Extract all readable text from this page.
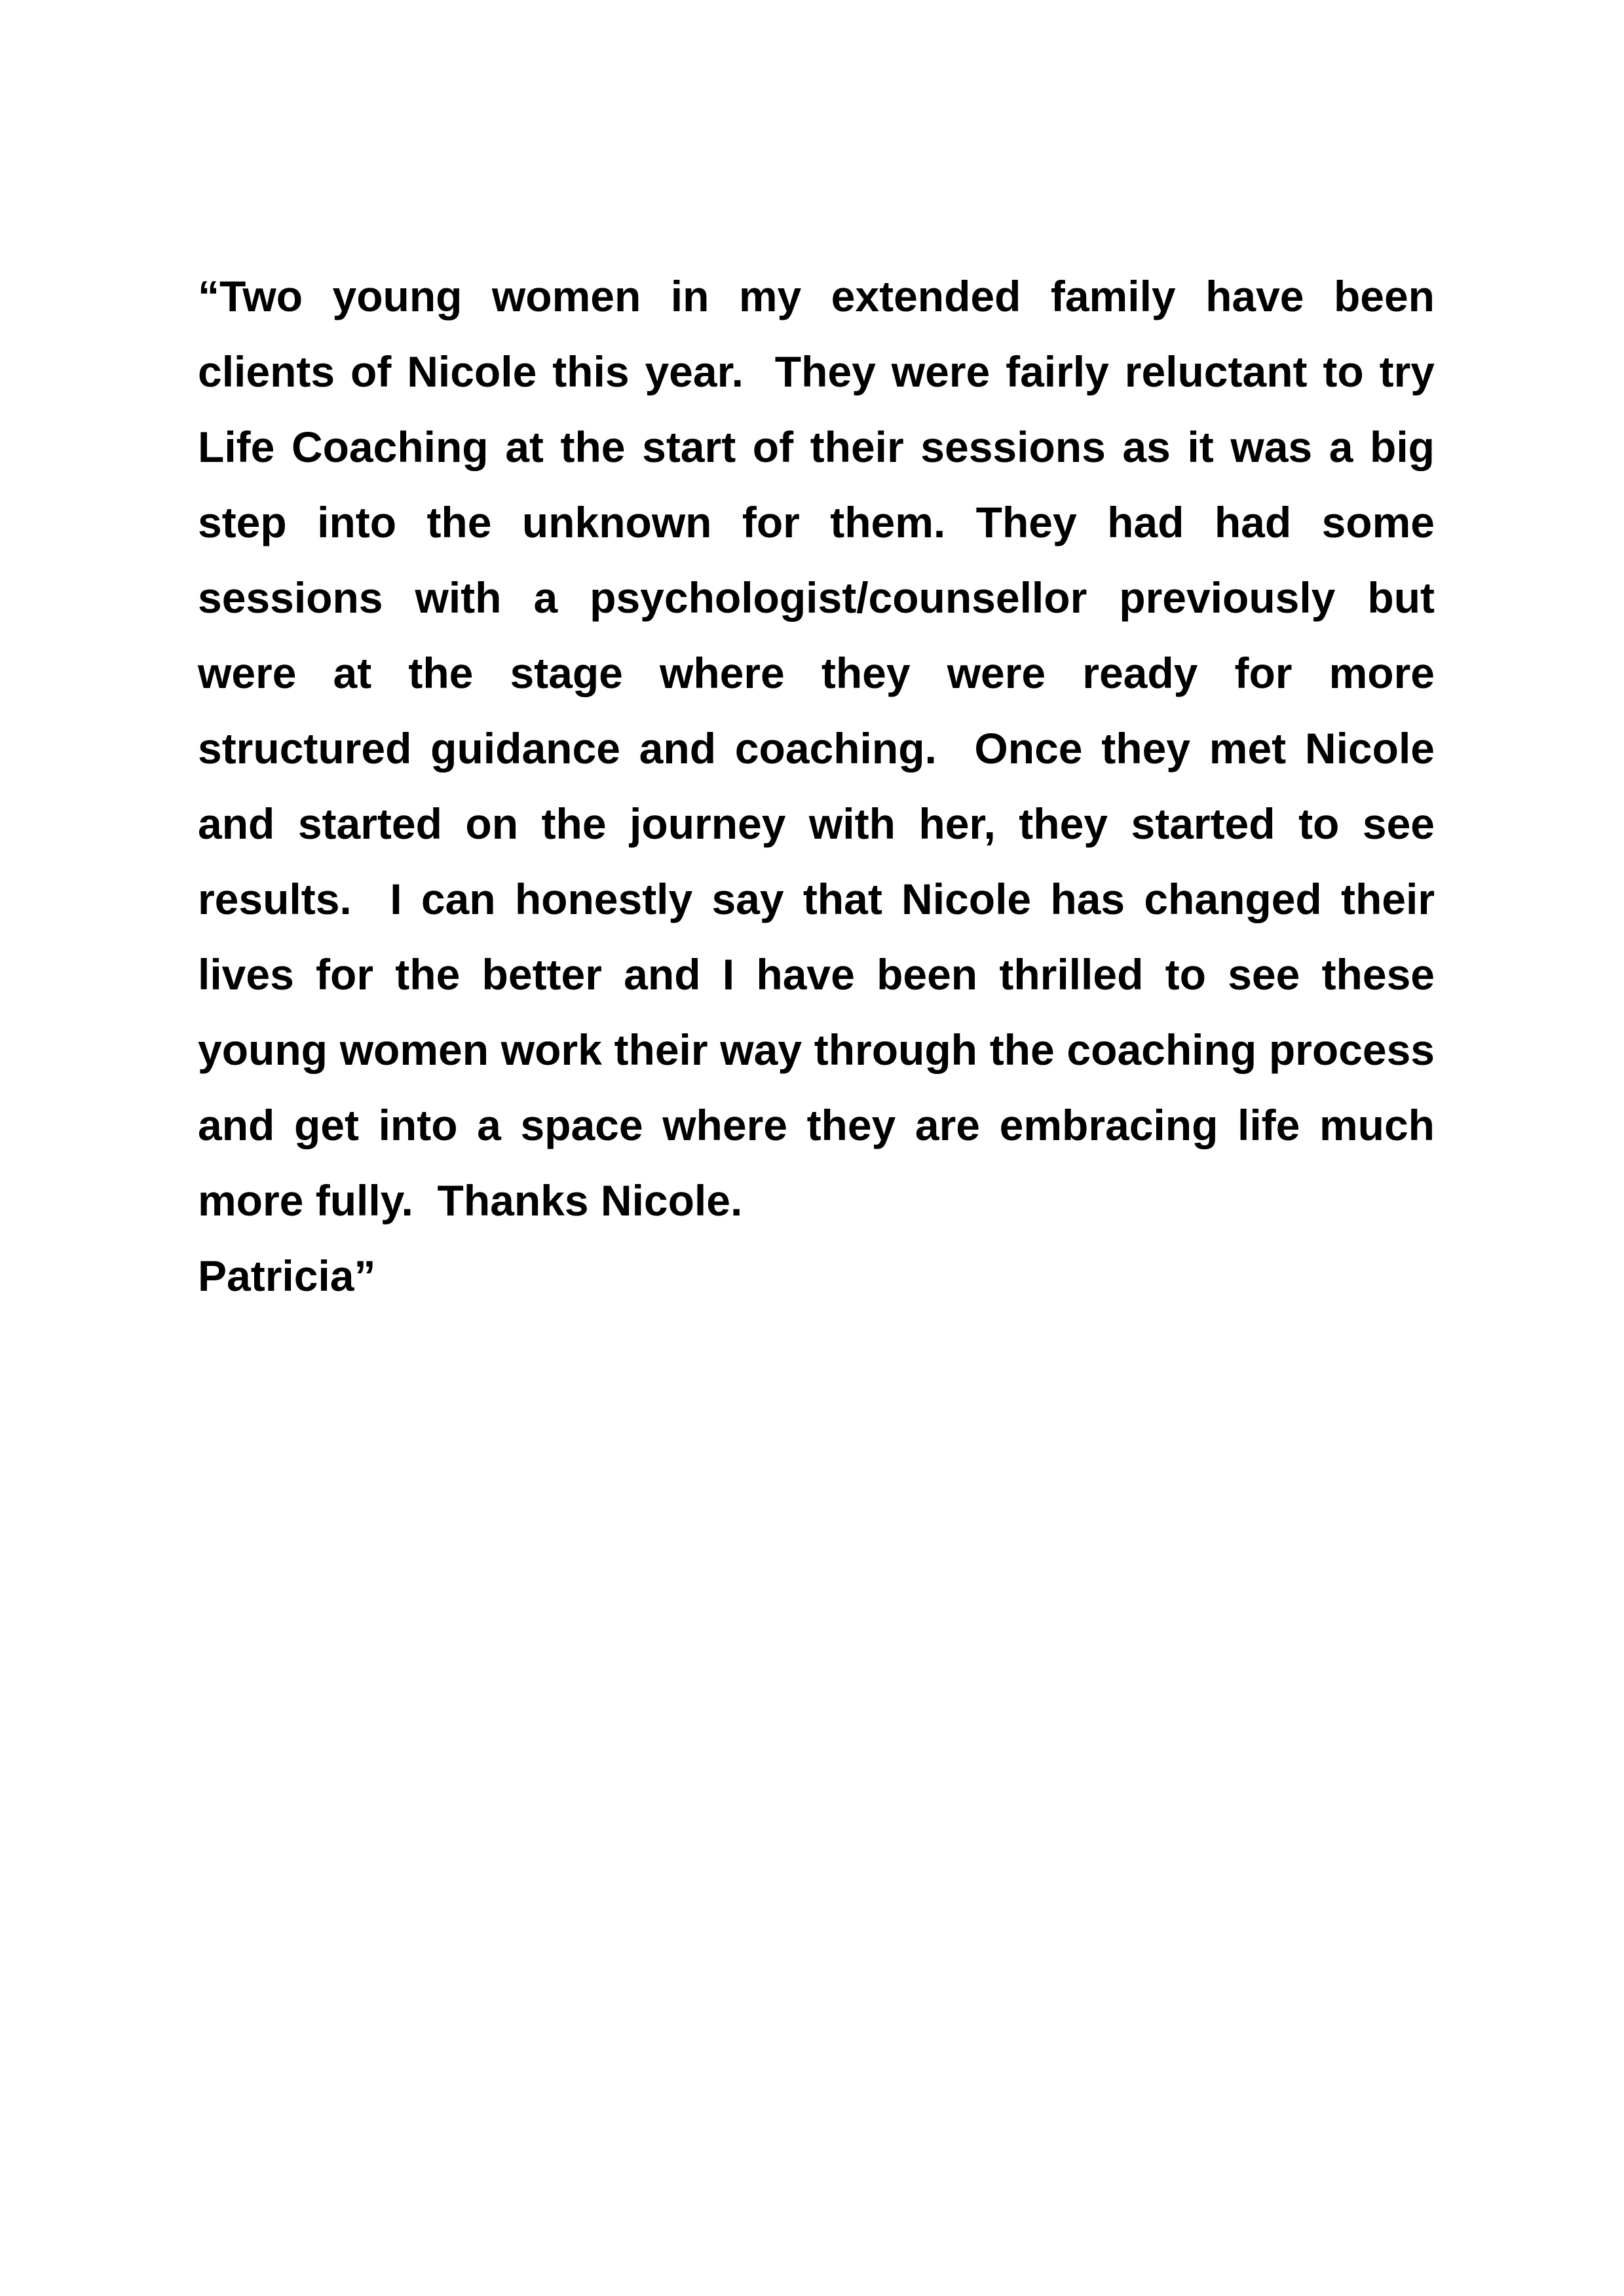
“Two young women in my extended family have been clients of Nicole this year.  They were fairly reluctant to try Life Coaching at the start of their sessions as it was a big step into the unknown for them. They had had some sessions with a psychologist/counsellor previously but were at the stage where they were ready for more structured guidance and coaching.  Once they met Nicole and started on the journey with her, they started to see results.  I can honestly say that Nicole has changed their lives for the better and I have been thrilled to see these young women work their way through the coaching process and get into a space where they are embracing life much more fully.  Thanks Nicole.

Patricia”
